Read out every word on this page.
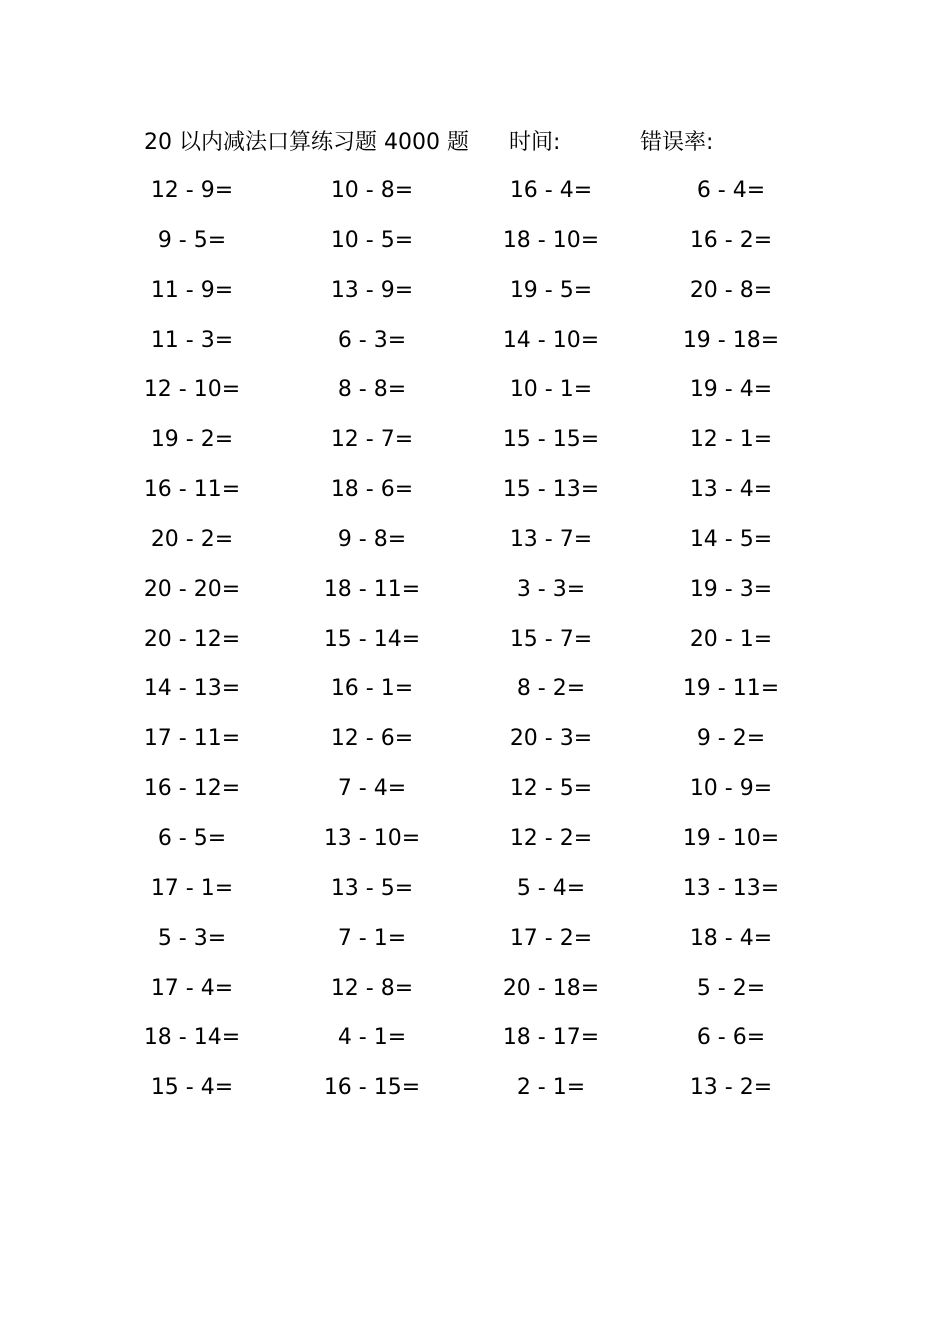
20 以内减法口算练习题 4000 题 时间:	错误率:
12 - 9=	10 - 8=	16 - 4=	6 - 4=
9 - 5=	10 - 5=	18 - 10=	16 - 2=
11 - 9=	13 - 9=	19 - 5=	20 - 8=
11 - 3=	6 - 3=	14 - 10=	19 - 18=
12 - 10=	8 - 8=	10 - 1=	19 - 4=
19 - 2=	12 - 7=	15 - 15=	12 - 1=
16 - 11=	18 - 6=	15 - 13=	13 - 4=
20 - 2=	9 - 8=	13 - 7=	14 - 5=
20 - 20=	18 - 11=	3 - 3=	19 - 3=
20 - 12=	15 - 14=	15 - 7=	20 - 1=
14 - 13=	16 - 1=	8 - 2=	19 - 11=
17 - 11=	12 - 6=	20 - 3=	9 - 2=
16 - 12=	7 - 4=	12 - 5=	10 - 9=
6 - 5=	13 - 10=	12 - 2=	19 - 10=
17 - 1=	13 - 5=	5 - 4=	13 - 13=
5 - 3=	7 - 1=	17 - 2=	18 - 4=
17 - 4=	12 - 8=	20 - 18=	5 - 2=
18 - 14=	4 - 1=	18 - 17=	6 - 6=
15 - 4=	16 - 15=	2 - 1=	13 - 2=
